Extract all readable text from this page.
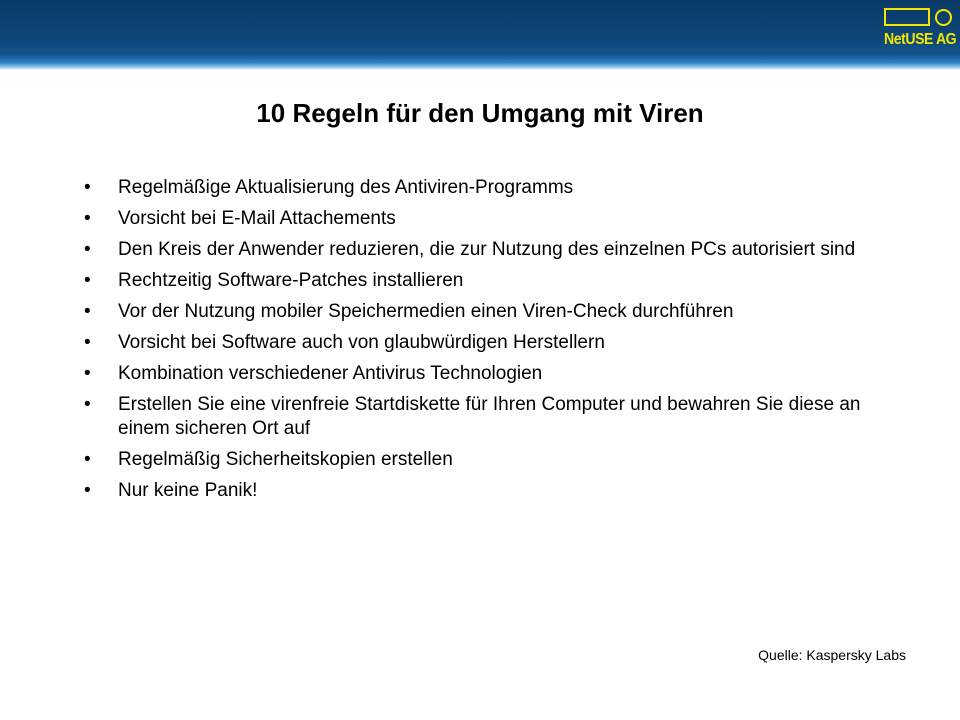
NetUSE AG
10 Regeln für den Umgang mit Viren
• Regelmäßige Aktualisierung des Antiviren-Programms
• Vorsicht bei E-Mail Attachements
• Den Kreis der Anwender reduzieren, die zur Nutzung des einzelnen PCs autorisiert sind
• Rechtzeitig Software-Patches installieren
• Vor der Nutzung mobiler Speichermedien einen Viren-Check durchführen
• Vorsicht bei Software auch von glaubwürdigen Herstellern
• Kombination verschiedener Antivirus Technologien
• Erstellen Sie eine virenfreie Startdiskette für Ihren Computer und bewahren Sie diese an einem sicheren Ort auf
• Regelmäßig Sicherheitskopien erstellen
• Nur keine Panik!
Quelle: Kaspersky Labs
